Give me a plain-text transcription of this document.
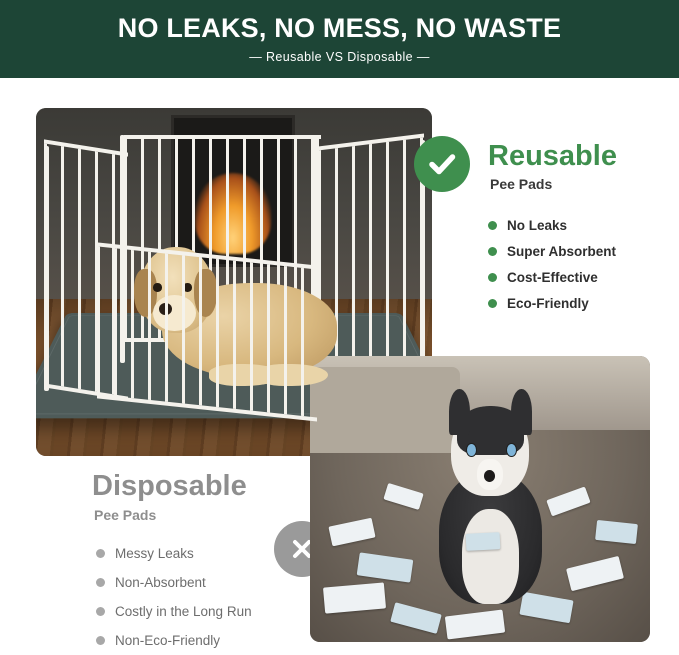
NO LEAKS, NO MESS, NO WASTE
— Reusable VS Disposable —
Reusable
Pee Pads
No Leaks
Super Absorbent
Cost-Effective
Eco-Friendly
Disposable
Pee Pads
Messy Leaks
Non-Absorbent
Costly in the Long Run
Non-Eco-Friendly
